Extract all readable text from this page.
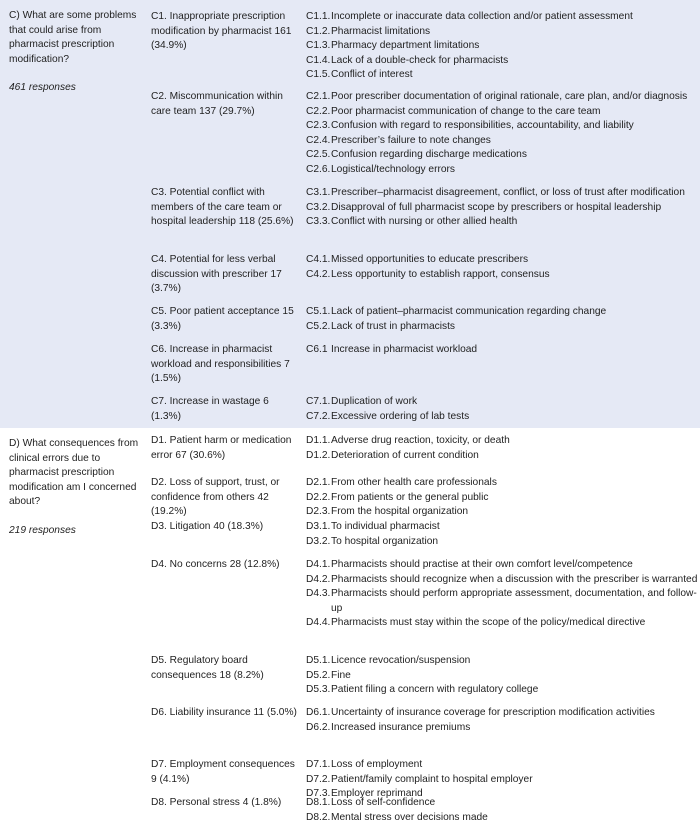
C) What are some problems that could arise from pharmacist prescription modification?

461 responses

C1. Inappropriate prescription modification by pharmacist 161 (34.9%)

C1.1. Incomplete or inaccurate data collection and/or patient assessment
C1.2. Pharmacist limitations
C1.3. Pharmacy department limitations
C1.4. Lack of a double-check for pharmacists
C1.5. Conflict of interest

C2. Miscommunication within care team 137 (29.7%)

C2.1. Poor prescriber documentation of original rationale, care plan, and/or diagnosis
C2.2. Poor pharmacist communication of change to the care team
C2.3. Confusion with regard to responsibilities, accountability, and liability
C2.4. Prescriber’s failure to note changes
C2.5. Confusion regarding discharge medications
C2.6. Logistical/technology errors

C3. Potential conflict with members of the care team or hospital leadership 118 (25.6%)

C3.1. Prescriber–pharmacist disagreement, conflict, or loss of trust after modification
C3.2. Disapproval of full pharmacist scope by prescribers or hospital leadership
C3.3. Conflict with nursing or other allied health

C4. Potential for less verbal discussion with prescriber 17 (3.7%)

C4.1. Missed opportunities to educate prescribers
C4.2. Less opportunity to establish rapport, consensus

C5. Poor patient acceptance 15 (3.3%)

C5.1. Lack of patient–pharmacist communication regarding change
C5.2. Lack of trust in pharmacists

C6. Increase in pharmacist workload and responsibilities 7 (1.5%)

C6.1 Increase in pharmacist workload

C7. Increase in wastage 6 (1.3%)

C7.1. Duplication of work
C7.2. Excessive ordering of lab tests

D) What consequences from clinical errors due to pharmacist prescription modification am I concerned about?

219 responses

D1. Patient harm or medication error 67 (30.6%)

D1.1. Adverse drug reaction, toxicity, or death
D1.2. Deterioration of current condition

D2. Loss of support, trust, or confidence from others 42 (19.2%)

D2.1. From other health care professionals
D2.2. From patients or the general public
D2.3. From the hospital organization

D3. Litigation 40 (18.3%)	D3.1. To individual pharmacist
D3.2. To hospital organization

D4. No concerns 28 (12.8%)	D4.1. Pharmacists should practise at their own comfort level/competence
D4.2. Pharmacists should recognize when a discussion with the prescriber is warranted
D4.3. Pharmacists should perform appropriate assessment, documentation, and follow-up
D4.4. Pharmacists must stay within the scope of the policy/medical directive

D5. Regulatory board consequences 18 (8.2%)

D5.1. Licence revocation/suspension
D5.2. Fine
D5.3. Patient filing a concern with regulatory college

D6. Liability insurance 11 (5.0%) D6.1. Uncertainty of insurance coverage for prescription modification activities
D6.2. Increased insurance premiums

D7. Employment consequences 9 (4.1%)

D7.1. Loss of employment
D7.2. Patient/family complaint to hospital employer
D7.3. Employer reprimand

D8. Personal stress 4 (1.8%)	D8.1. Loss of self-confidence
D8.2. Mental stress over decisions made
